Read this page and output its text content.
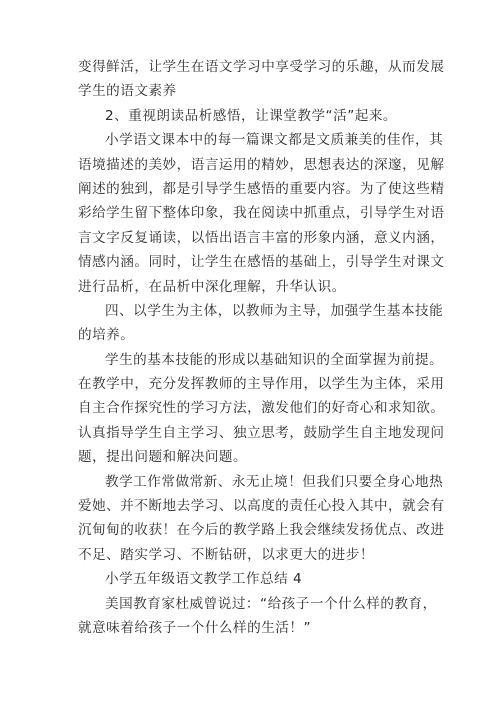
变得鲜活，让学生在语文学习中享受学习的乐趣，从而发展
学生的语文素养
2、重视朗读品析感悟，让课堂教学“活”起来。
小学语文课本中的每一篇课文都是文质兼美的佳作，其
语境描述的美妙，语言运用的精妙，思想表达的深邃，见解
阐述的独到，都是引导学生感悟的重要内容。为了使这些精
彩给学生留下整体印象，我在阅读中抓重点，引导学生对语
言文字反复诵读，以悟出语言丰富的形象内涵，意义内涵，
情感内涵。同时，让学生在感悟的基础上，引导学生对课文
进行品析，在品析中深化理解，升华认识。
四、以学生为主体，以教师为主导，加强学生基本技能
的培养。
学生的基本技能的形成以基础知识的全面掌握为前提。
在教学中，充分发挥教师的主导作用，以学生为主体，采用
自主合作探究性的学习方法，激发他们的好奇心和求知欲。
认真指导学生自主学习、独立思考，鼓励学生自主地发现问
题，提出问题和解决问题。
教学工作常做常新、永无止境！但我们只要全身心地热
爱她、并不断地去学习、以高度的责任心投入其中，就会有
沉甸甸的收获！在今后的教学路上我会继续发扬优点、改进
不足、踏实学习、不断钻研，以求更大的进步！
小学五年级语文教学工作总结 4
美国教育家杜威曾说过：“给孩子一个什么样的教育，
就意味着给孩子一个什么样的生活！”
